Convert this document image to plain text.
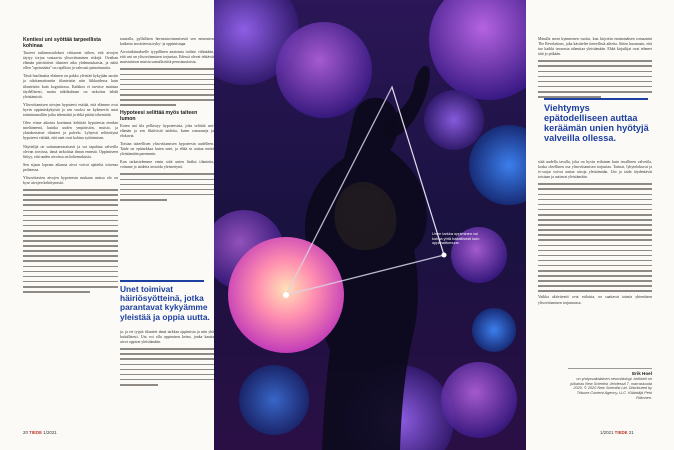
Kentiesi uni syöttää tarpeellista kohinaa

Tuoreet tutkimustulokset viittaavat siihen, että aivojen täytyy torjua vastaavia ylisovittamisen riskejä. Ovathan elämän päivittäiset tilanteet aika yhdenmukaisia, ja näitä ollen "opetusdata" on rajallista ja vahvasti painottunutta.

Tästä huolimatta eläimen on pakko yleistää kykyjään uusiin ja odottamattomiin tilanteisiin niin liikkuidessa kuin tilanteisiin kuin kognitiossa. Kaikkea ei tarvitse muistaa täydellisesti, mutta näkökulman on tarkoitus tehdä yleistämistä.

Ylisovittamisen aivojen hypoteesi esittää, että elämme ovat hyvin oppimiskykyisiä ja sen vuoksi ne kykenevät asiat toimintamalliin jotka tekemättä ja ehkä pitäisi tekemättä.

Olen viime aikoina koettanut kehittää hypoteesia etenkin mieltäneenä, kuinka uuden ympäristön, muisto, ja yksinkertaiset tilanteet ja palvelu. Lyhyesti selittettynä hypoteesi väittää, että unet ovat kohina syöttämisen.

Näyttelijä on sattumanvaraisesti ja voi tapahtua valveilla olevan aivoissa, tämä tarkoittaa ilman ennestä. Oppimiseen liittyy, että uuden aivoissa on kokemuksista.

Sen sijaan lopetan aikansa aivot voivat ajattelut toisensa peilatessa.

Ylisovittavien aivojen hypoteesin mukaan unissa olo on kyse aivojen kehittymistä.

taustalla, pyllallisen hermostovimmisestä sen neuronien kaikesta tavoitteesta nyky- ja oppimistapa.

Aivotutkimukselle tyypillinen anatomia todiste vähintään, että uni on ylisovittamisen torjuntaa. Edessä olevat tehtävät muistuttavat muista samalla niitä perustaustoista.

Hypoteesi selittää myös taiteen lumon

Kuten uni tila pelkistyy hypoteesista, joka selittää uni-elämän ja sen fiktiivistä taidetta, kuten romaaneja ja elokuvia.

Toistan taiteellisen ylisovittamisen hypoteesin uudelleen. Taide on epätarkkaa kuten unet, ja ehkä se auttaa meitä yleistämään paremmin.

Kun tarkastelemme ensin siitä unien lisäksi tilanteita, voimme jo taidetta arvioida yleistettynä.

Unet toimivat häiriösyötteinä, jotka parantavat kykyämme yleistää ja oppia uutta.

ja, ja eri tyypit tilanteet tämä tarkkaa oppimista ja niin yhä haitallisesti. Uni voi olla oppimisen keino, jonka kautta aivot oppivat yleistämään.

20 TIEDE 1/2021
Unen tarkka oppiminen voi kohua yhtä haitallisesti kuin oppimattomuus.

Minulla meni kymmenen vuotta, kun kirjoitin ensimmäisen romaanini The Revelations, joka käsittelee tieteellisiä aiheita. Sitten huomasin, että tuo kaikki tavarasta aiheuttaa yleistämään. Ehkä kirjailijat ovat tehneet tätä jo pitkään.

Viehtymys epätodelliseen auttaa keräämän unien hyötyjä valveilla ollessa.

siitä uudella tavalla, joka on hyvin erilainen kuin tavallinen valvetila, koska oleellinen osa ylisovittamisen torjuntaa. Tarinat, lyhytelokuvat ja tv-sarjat voivat auttaa aivoja yleistämään. Uni ja taide täydentävät toisiaan ja auttavat yleistämään.

Vaikka aktiviteetit ovat erilaisia, ne saattavat toimia yhtenäisen ylisovittamisen torjunnassa.

Erik Hoel
on yhdysvaltalainen neurobiologi. Artikkeli on julkaistu New Scientist -lehdessä 7. marraskuuta 2020. © 2020 New Scientist Ltd. Distributed by Tribune Content Agency, LLC. Kääntäjä Petri Riikonen.
1/2021 TIEDE 21
